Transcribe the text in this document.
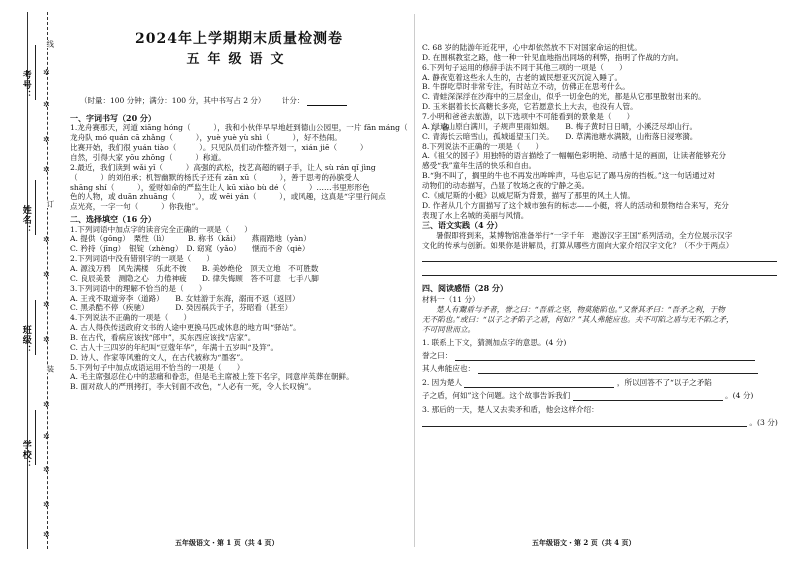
考号：
姓名：
班级：
学校：
线
订
装
✲
✲
✲
✲
✲
✲
✲
✲
✲
✲
✲
✲
✲
2024年上学期期末质量检测卷
五年级语文
（时量：100 分钟；满分：100 分，其中书写占 2 分） 计分：
一、字词书写（20 分）
1.龙舟赛那天，河道 xiāng hóng（　　　），我和小伙伴早早地赶到德山公园里，一片 fān máng（　　　），各
龙舟队 mó quán cā zhǎng（　　　），yuè yuè yù shì（　　　），好不热闹。
比赛开始，我们很 yuán tiào（　　　）。只见队员们动作整齐划一，xián jiē（　　　）
自然，引得大家 yōu zhōng（　　　）称道。
2.最近，我们读到 wǎi yǐ（　　　）高强的武松，技艺高超的刷子手，让人 sù rán qǐ jìng
（　　　）的刘伯承；机智幽默的杨氏子还有 zān xū（　　　），善于思考的孙膑受人
shāng shí（　　　），爱财如命的严监生让人 kū xiào bù dé（　　　）……书里形形色
色的人物，或 duān zhuāng（　　　），或 wēi yán（　　　），或风趣，这真是“字里行间点
点光亮，一字一句（　　　）你我他”。
二、选择填空（16 分）
1.下列词语中加点字的读音完全正确的一项是（　　）
A. 提供（gōng）　栗性（lì）　　　B. 称书（kǎi）　　燕雨踏地（yàn）
C. 矜持（jīng）　银锭（zhèng）　D. 窈窕（yǎo）　　惬而不舍（qiè）
2.下列词语中没有错别字的一项是（　　）
A. 源浅万鸦　风先满楼　乐此不彼　　B. 美妙绝伦　顶天立地　不可胜数
C. 良辰美景　测隐之心　力倦神疲　　D. 律失悔顾　答不可意　七手八脚
3.下列词语中的理解不恰当的是（　　）
A. 王戎不取道旁李（道路）　　B. 女娃游于东海，溺而不返（返回）
C. 黑杀酷不停（疾驰）　　　　D. 癸因祸兵于子，芬昭看（甚至）
4.下列说法不正确的一项是（　　）
A. 古人得佚传送政府文书的人途中更换马匹或休息的地方叫“驿站”。
B. 在古代，看病应该找“郎中”，买东西应该找“店家”。
C. 古人十三四岁的年纪叫“豆蔻年华”，年满十五岁叫“及笄”。
D. 诗人、作家等风雅的文人，在古代被称为“墨客”。
5.下列句子中加点成语运用不恰当的一项是（　　）
A. 毛主席强忍住心中的悲痛和眷恋，但是毛主席被上签下名字，同意岸英葬在朝鲜。
B. 面对敌人的严刑拷打，李大钊面不改色，“人必有一死，令人长叹惋”。
五年级语文・第 1 页（共 4 页）
C. 68 岁的陆游年近花甲，心中却依然放不下对国家命运的担忧。
D. 在围棋教室之路，他一种一针见血地指出同场的利弊，指明了作战的方向。
6.下列句子运用的修辞手法不同于其他三项的一项是（　　）
A. 静夜览着这些永人生的，古老的诚民想亚灭沉淀入睡了。
B. 牛群吃草时非常专注，有时站立不动，仿佛正在思考什么。
C. 青蛙深深浮在沙海中的三层金山，似乎一切金色的光，都是从它那里散射出来的。
D. 玉米据着长长高糖长多亮，它若愿意长上大去，也没有人管。
7.小明和爸爸去旅游，以下选项中不可能看到的景象是（　　）
A. 绿遍山原白满川，子规声里雨如烟。　　B. 梅子黄时日日晴，小溪泛尽却山行。
C. 青海长云暗雪山，孤城遥望玉门关。　　D. 草满池塘水满陂，山衔落日浸寒漪。
8.下列说法不正确的一项是（　　）
A.《祖父的园子》用独特的语言描绘了一幅幅色彩明艳、动感十足的画面，让读者能够充分
感受“我”童年生活的快乐和自由。
B.“狗不叫了，搁里的牛也不再发出哞哞声，马也忘记了踢马房的挡板。”这一句话通过对
动物们的动态描写，凸显了牧场之夜的宁静之美。
C.《威尼斯的小艇》以威尼斯为背景，描写了那里的风土人情。
D. 作者从几个方面描写了这个城市独有的标志——小艇，将人的活动和景物结合来写，充分
表现了水上名城的美丽与风情。
三、语文实践（4 分）
暑假即将到来，某博物馆准备举行“一字千年　遨游汉字王国”系列活动，全方位展示汉字
文化的传承与创新。如果你是讲解员，打算从哪些方面向大家介绍汉字文化？（不少于两点）
四、阅读感悟（28 分）
材料一（11 分）
楚人有鬻盾与矛者，誉之曰：“吾盾之坚，物莫能陷也。”又誉其矛曰：“吾矛之利，于物
无不陷也。”或曰：“以子之矛陷子之盾，何如？”其人弗能应也。夫不可陷之盾与无不陷之矛，
不可同世而立。
1. 联系上下文，猜测加点字的意思。(4 分)
誉之曰：
其人弗能应也：
2. 因为楚人	，所以回答不了“以子之矛陷
子之盾，何如”这个问题。这个故事告诉我们	。(4 分)
3. 那后的一天，楚人又去卖矛和盾，他会这样介绍：
。(3 分)
五年级语文・第 2 页（共 4 页）
